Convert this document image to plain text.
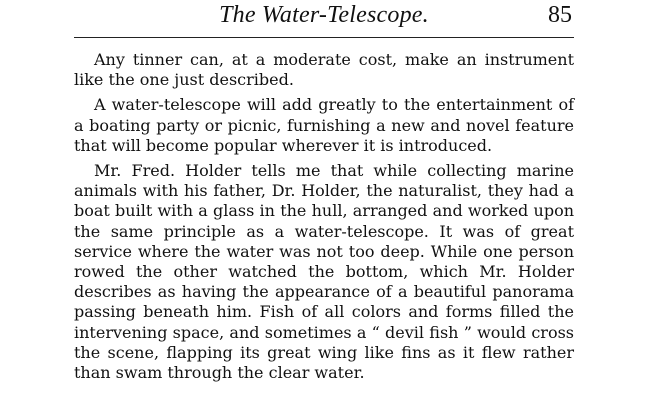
The Water-Telescope.	85

Any tinner can, at a moderate cost, make an instrument like the one just described.

A water-telescope will add greatly to the entertainment of a boating party or picnic, furnishing a new and novel feature that will become popular wherever it is introduced.

Mr. Fred. Holder tells me that while collecting marine animals with his father, Dr. Holder, the naturalist, they had a boat built with a glass in the hull, arranged and worked upon the same principle as a water-telescope. It was of great service where the water was not too deep. While one person rowed the other watched the bottom, which Mr. Holder describes as having the appearance of a beautiful panorama passing beneath him. Fish of all colors and forms filled the intervening space, and sometimes a “ devil fish ” would cross the scene, flapping its great wing like fins as it flew rather than swam through the clear water.
